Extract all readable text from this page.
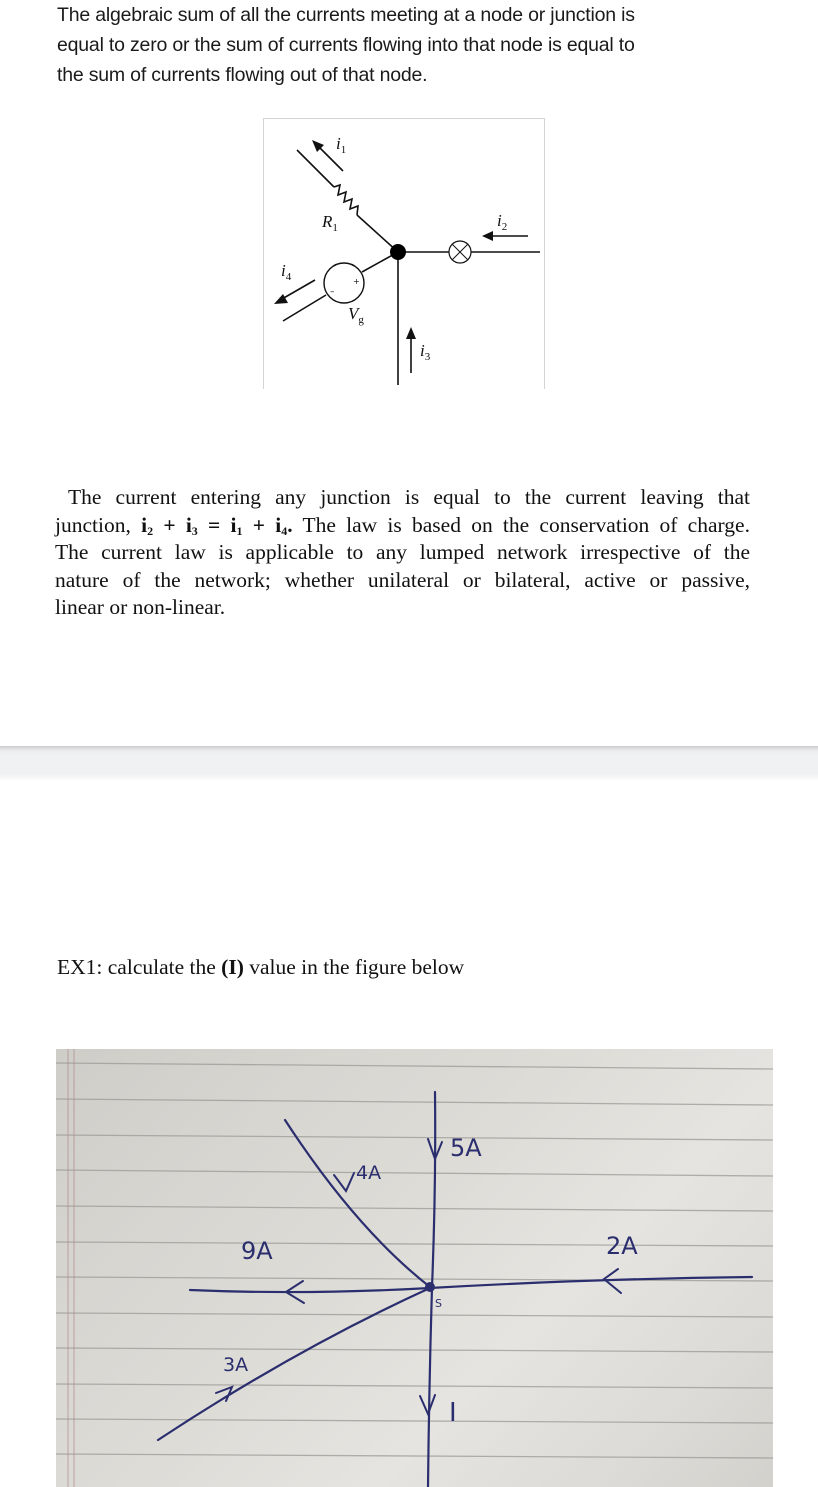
The algebraic sum of all the currents meeting at a node or junction is
equal to zero or the sum of currents flowing into that node is equal to
the sum of currents flowing out of that node.
$i_1$
$R_1$	$i_2$
$i_3$
+
–
$V_g$
$i_4$
The current entering any junction is equal to the current leaving that
junction, $i_2 + i_3 = i_1 + i_4$. The law is based on the conservation of charge.
The current law is applicable to any lumped network irrespective of the
nature of the network; whether unilateral or bilateral, active or passive,
linear or non-linear.
EX1: calculate the (I) value in the figure below
5A
4A
9A	2A
3A
I
S
